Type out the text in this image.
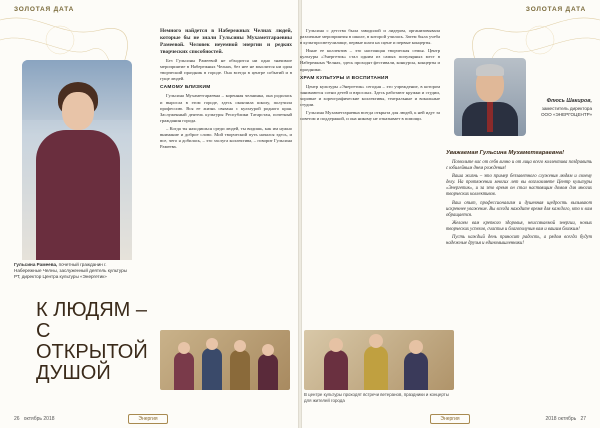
ЗОЛОТАЯ ДАТА
Гульсина Рамеева, почетный гражданин г. Набережные Челны, заслуженный деятель культуры РТ, директор Центра культуры «Энергетик»
К ЛЮДЯМ – С ОТКРЫТОЙ ДУШОЙ

Немного найдется в Набережных Челнах людей, которые бы не знали Гульсины Мухаметгараевны Рамеевой. Человек неуемной энергии и редких творческих способностей.

Без Гульсины Рамеевой не обходится ни одно значимое мероприятие в Набережных Челнах, без нее не мыслится ни один творческий праздник в городе. Она всегда в центре событий и в гуще людей.

САМОМУ БЛИЗКИМ

Гульсина Мухаметгараевна – коренная челнинка, она родилась и выросла в этом городе, здесь окончила школу, получила профессию. Вся ее жизнь связана с культурой родного края. Заслуженный деятель культуры Республики Татарстан, почетный гражданин города.

– Когда ты находишься среди людей, ты видишь, как им нужно внимание и доброе слово. Мой творческий путь начался здесь, и все, чего я добилась, – это заслуга коллектива, – говорит Гульсина Рамеева.

26 октябрь 2018	Энергия
ЗОЛОТАЯ ДАТА

Гульсина с детства была заводилой и лидером, организовывала различные мероприятия в школе, в которой училась. Затем была учеба в культпросветучилище, первые шаги на сцене и первые концерты.

Ныне ее коллектив – это настоящая творческая семья. Центр культуры «Энергетик» стал одним из самых популярных мест в Набережных Челнах, здесь проходят фестивали, конкурсы, концерты и праздники.

ХРАМ КУЛЬТУРЫ И ВОСПИТАНИЯ

Центр культуры «Энергетик» сегодня – это учреждение, в котором занимаются сотни детей и взрослых. Здесь работают кружки и студии, хоровые и хореографические коллективы, театральные и вокальные студии.

Гульсина Мухаметгараевна всегда открыта для людей, к ней идут за советом и поддержкой, и она никому не отказывает в помощи.

В центре культуры проходят встречи ветеранов, праздники и концерты для жителей города
Флюсь Шакиров,
заместитель директора ООО «ЭНЕРГОЦЕНТР»
Уважаемая Гульсина Мухаметгараевна!

Позвольте вас от себя лично и от лица всего коллектива поздравить с юбилейным днем рождения!

Ваша жизнь – это пример беззаветного служения людям и своему делу. На протяжении многих лет вы возглавляете Центр культуры «Энергетик», и за это время он стал настоящим домом для многих творческих коллективов.

Ваш опыт, профессионализм и душевная щедрость вызывают искреннее уважение. Вы всегда находите время для каждого, кто к вам обращается.

Желаем вам крепкого здоровья, неиссякаемой энергии, новых творческих успехов, счастья и благополучия вам и вашим близким!

Пусть каждый день приносит радость, а рядом всегда будут надежные друзья и единомышленники!

2018 октябрь 27
Энергия
